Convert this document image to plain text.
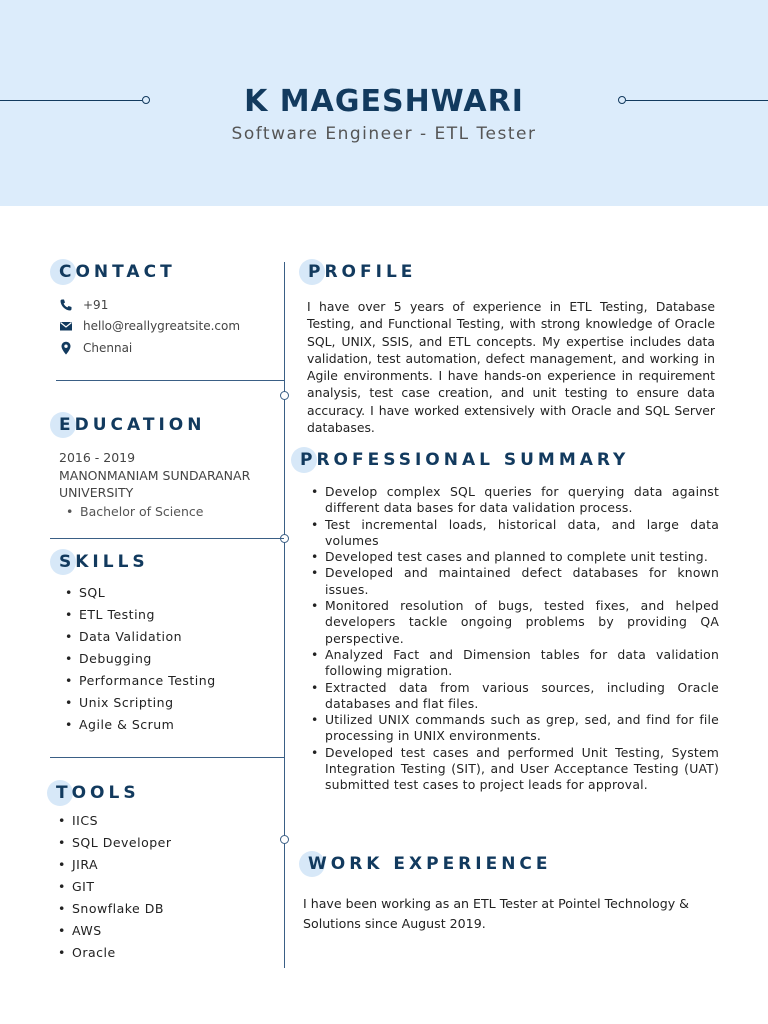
K MAGESHWARI
Software Engineer - ETL Tester
CONTACT
+91
hello@reallygreatsite.com
Chennai
EDUCATION
2016 - 2019
MANONMANIAM SUNDARANAR UNIVERSITY
• Bachelor of Science
SKILLS
• SQL
• ETL Testing
• Data Validation
• Debugging
• Performance Testing
• Unix Scripting
• Agile & Scrum
TOOLS
• IICS
• SQL Developer
• JIRA
• GIT
• Snowflake DB
• AWS
• Oracle
PROFILE
I have over 5 years of experience in ETL Testing, Database Testing, and Functional Testing, with strong knowledge of Oracle SQL, UNIX, SSIS, and ETL concepts. My expertise includes data validation, test automation, defect management, and working in Agile environments. I have hands-on experience in requirement analysis, test case creation, and unit testing to ensure data accuracy. I have worked extensively with Oracle and SQL Server databases.
PROFESSIONAL SUMMARY
• Develop complex SQL queries for querying data against different data bases for data validation process.
• Test incremental loads, historical data, and large data volumes
• Developed test cases and planned to complete unit testing.
• Developed and maintained defect databases for known issues.
• Monitored resolution of bugs, tested fixes, and helped developers tackle ongoing problems by providing QA perspective.
• Analyzed Fact and Dimension tables for data validation following migration.
• Extracted data from various sources, including Oracle databases and flat files.
• Utilized UNIX commands such as grep, sed, and find for file processing in UNIX environments.
• Developed test cases and performed Unit Testing, System Integration Testing (SIT), and User Acceptance Testing (UAT) submitted test cases to project leads for approval.
WORK EXPERIENCE
I have been working as an ETL Tester at Pointel Technology & Solutions since August 2019.
